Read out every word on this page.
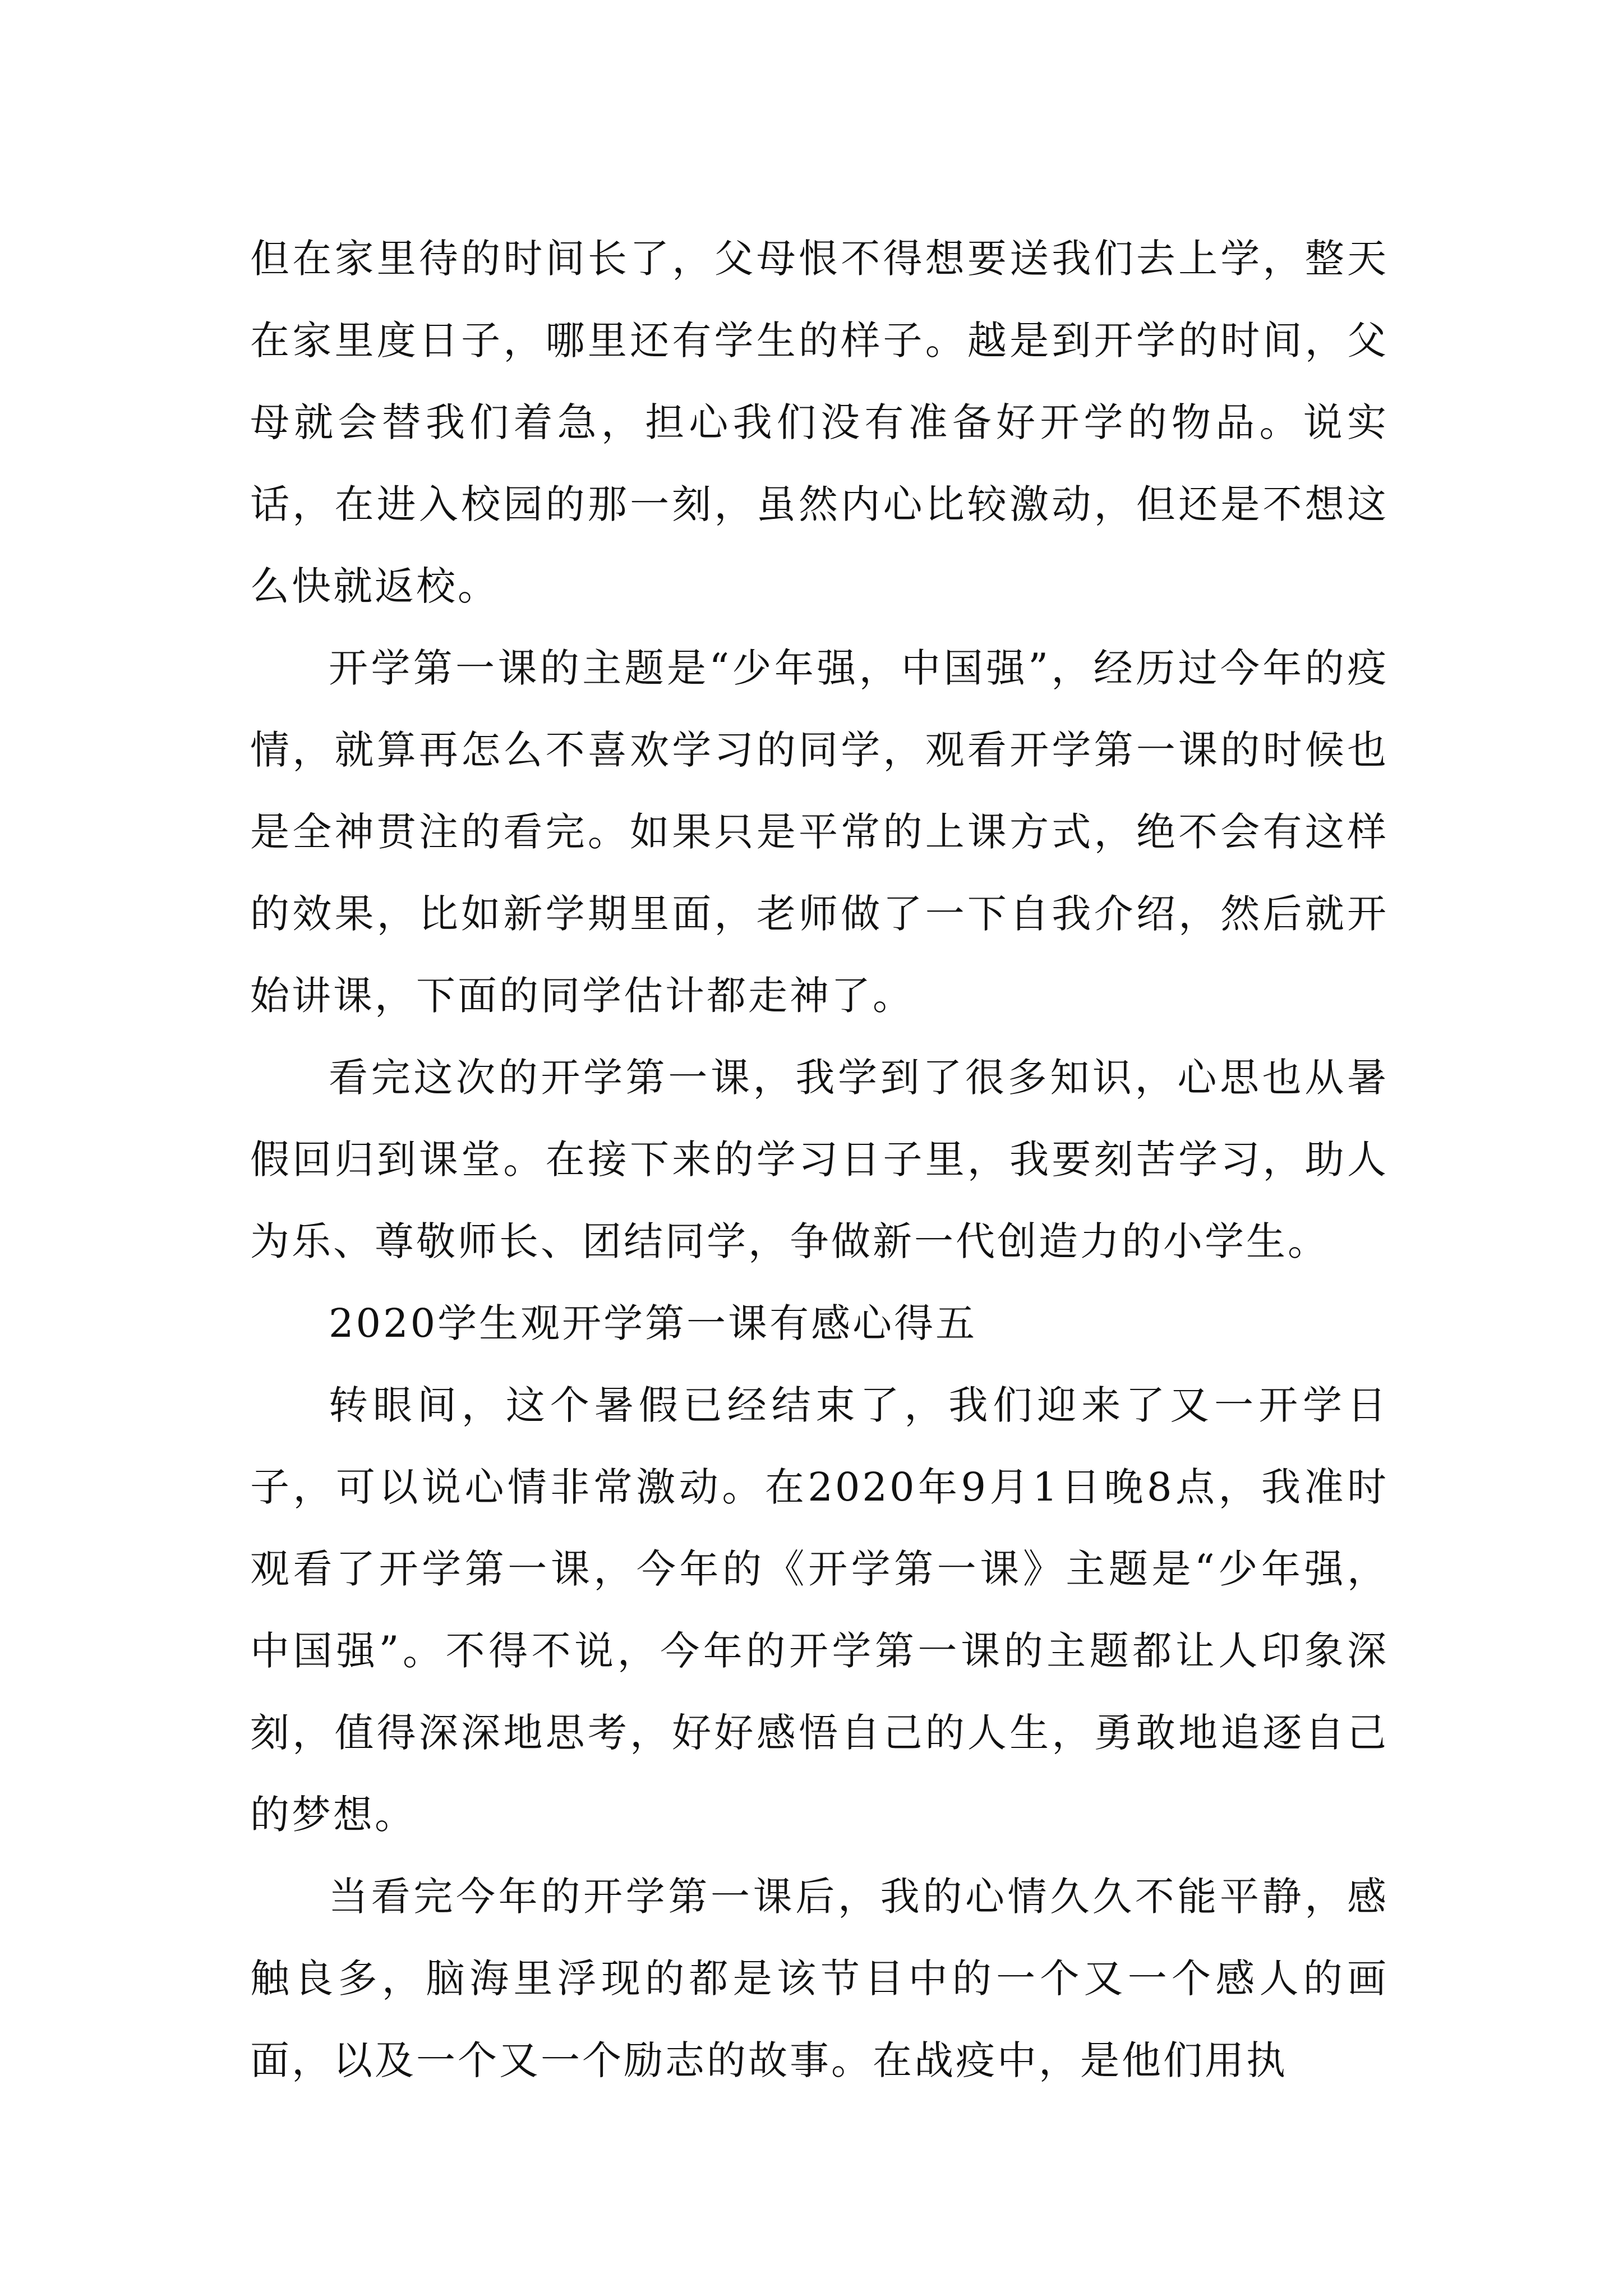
但在家里待的时间长了，父母恨不得想要送我们去上学，整天在家里度日子，哪里还有学生的样子。越是到开学的时间，父母就会替我们着急，担心我们没有准备好开学的物品。说实话，在进入校园的那一刻，虽然内心比较激动，但还是不想这么快就返校。

开学第一课的主题是“少年强，中国强”，经历过今年的疫情，就算再怎么不喜欢学习的同学，观看开学第一课的时候也是全神贯注的看完。如果只是平常的上课方式，绝不会有这样的效果，比如新学期里面，老师做了一下自我介绍，然后就开始讲课，下面的同学估计都走神了。

看完这次的开学第一课，我学到了很多知识，心思也从暑假回归到课堂。在接下来的学习日子里，我要刻苦学习，助人为乐、尊敬师长、团结同学，争做新一代创造力的小学生。

2020学生观开学第一课有感心得五

转眼间，这个暑假已经结束了，我们迎来了又一开学日子，可以说心情非常激动。在2020年9月1日晚8点，我准时观看了开学第一课，今年的《开学第一课》主题是“少年强，中国强”。不得不说，今年的开学第一课的主题都让人印象深刻，值得深深地思考，好好感悟自己的人生，勇敢地追逐自己的梦想。

当看完今年的开学第一课后，我的心情久久不能平静，感触良多，脑海里浮现的都是该节目中的一个又一个感人的画面，以及一个又一个励志的故事。在战疫中，是他们用执
